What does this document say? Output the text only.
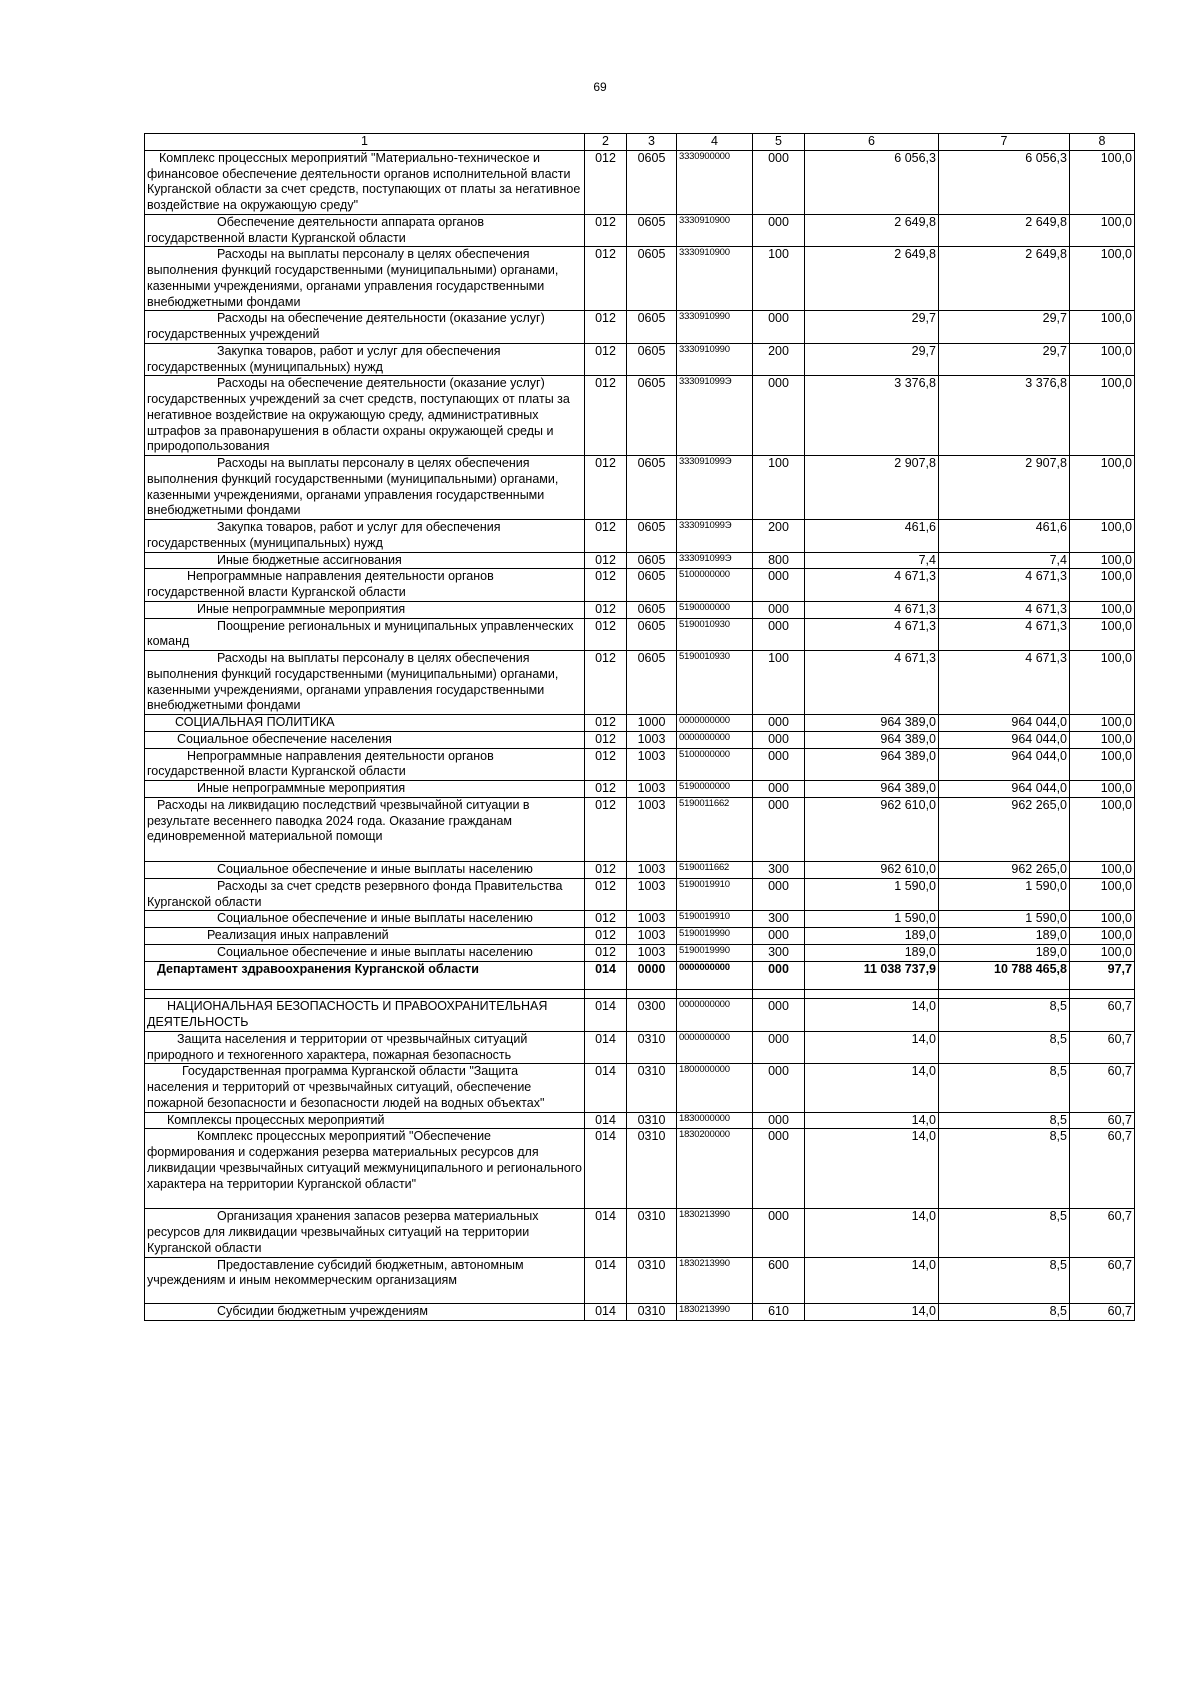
69
1	2	3	4	5	6	7	8
Комплекс процессных мероприятий "Материально-техническое и финансовое обеспечение деятельности органов исполнительной власти Курганской области за счет средств, поступающих от платы за негативное воздействие на окружающую среду"	012	0605	3330900000	000	6 056,3	6 056,3	100,0
Обеспечение деятельности аппарата органов государственной власти Курганской области	012	0605	3330910900	000	2 649,8	2 649,8	100,0
Расходы на выплаты персоналу в целях обеспечения выполнения функций государственными (муниципальными) органами, казенными учреждениями, органами управления государственными внебюджетными фондами	012	0605	3330910900	100	2 649,8	2 649,8	100,0
Расходы на обеспечение деятельности (оказание услуг) государственных учреждений	012	0605	3330910990	000	29,7	29,7	100,0
Закупка товаров, работ и услуг для обеспечения государственных (муниципальных) нужд	012	0605	3330910990	200	29,7	29,7	100,0
Расходы на обеспечение деятельности (оказание услуг) государственных учреждений за счет средств, поступающих от платы за негативное воздействие на окружающую среду, административных штрафов за правонарушения в области охраны окружающей среды и природопользования	012	0605	333091099Э	000	3 376,8	3 376,8	100,0
Расходы на выплаты персоналу в целях обеспечения выполнения функций государственными (муниципальными) органами, казенными учреждениями, органами управления государственными внебюджетными фондами	012	0605	333091099Э	100	2 907,8	2 907,8	100,0
Закупка товаров, работ и услуг для обеспечения государственных (муниципальных) нужд	012	0605	333091099Э	200	461,6	461,6	100,0
Иные бюджетные ассигнования	012	0605	333091099Э	800	7,4	7,4	100,0
Непрограммные направления деятельности органов государственной власти Курганской области	012	0605	5100000000	000	4 671,3	4 671,3	100,0
Иные непрограммные мероприятия	012	0605	5190000000	000	4 671,3	4 671,3	100,0
Поощрение региональных и муниципальных управленческих команд	012	0605	5190010930	000	4 671,3	4 671,3	100,0
Расходы на выплаты персоналу в целях обеспечения выполнения функций государственными (муниципальными) органами, казенными учреждениями, органами управления государственными внебюджетными фондами	012	0605	5190010930	100	4 671,3	4 671,3	100,0
СОЦИАЛЬНАЯ ПОЛИТИКА	012	1000	0000000000	000	964 389,0	964 044,0	100,0
Социальное обеспечение населения	012	1003	0000000000	000	964 389,0	964 044,0	100,0
Непрограммные направления деятельности органов государственной власти Курганской области	012	1003	5100000000	000	964 389,0	964 044,0	100,0
Иные непрограммные мероприятия	012	1003	5190000000	000	964 389,0	964 044,0	100,0
Расходы на ликвидацию последствий чрезвычайной ситуации в результате весеннего паводка 2024 года. Оказание гражданам единовременной материальной помощи	012	1003	5190011662	000	962 610,0	962 265,0	100,0
Социальное обеспечение и иные выплаты населению	012	1003	5190011662	300	962 610,0	962 265,0	100,0
Расходы за счет средств резервного фонда Правительства Курганской области	012	1003	5190019910	000	1 590,0	1 590,0	100,0
Социальное обеспечение и иные выплаты населению	012	1003	5190019910	300	1 590,0	1 590,0	100,0
Реализация иных направлений	012	1003	5190019990	000	189,0	189,0	100,0
Социальное обеспечение и иные выплаты населению	012	1003	5190019990	300	189,0	189,0	100,0
Департамент здравоохранения Курганской области	014	0000	0000000000	000	11 038 737,9	10 788 465,8	97,7

НАЦИОНАЛЬНАЯ БЕЗОПАСНОСТЬ И ПРАВООХРАНИТЕЛЬНАЯ ДЕЯТЕЛЬНОСТЬ	014	0300	0000000000	000	14,0	8,5	60,7
Защита населения и территории от чрезвычайных ситуаций природного и техногенного характера, пожарная безопасность	014	0310	0000000000	000	14,0	8,5	60,7
Государственная программа Курганской области "Защита населения и территорий от чрезвычайных ситуаций, обеспечение пожарной безопасности и безопасности людей на водных объектах"	014	0310	1800000000	000	14,0	8,5	60,7
Комплексы процессных мероприятий	014	0310	1830000000	000	14,0	8,5	60,7
Комплекс процессных мероприятий "Обеспечение формирования и содержания резерва материальных ресурсов для ликвидации чрезвычайных ситуаций межмуниципального и регионального характера на территории Курганской области"	014	0310	1830200000	000	14,0	8,5	60,7
Организация хранения запасов резерва материальных ресурсов для ликвидации чрезвычайных ситуаций на территории Курганской области	014	0310	1830213990	000	14,0	8,5	60,7
Предоставление субсидий бюджетным, автономным учреждениям и иным некоммерческим организациям	014	0310	1830213990	600	14,0	8,5	60,7
Субсидии бюджетным учреждениям	014	0310	1830213990	610	14,0	8,5	60,7
